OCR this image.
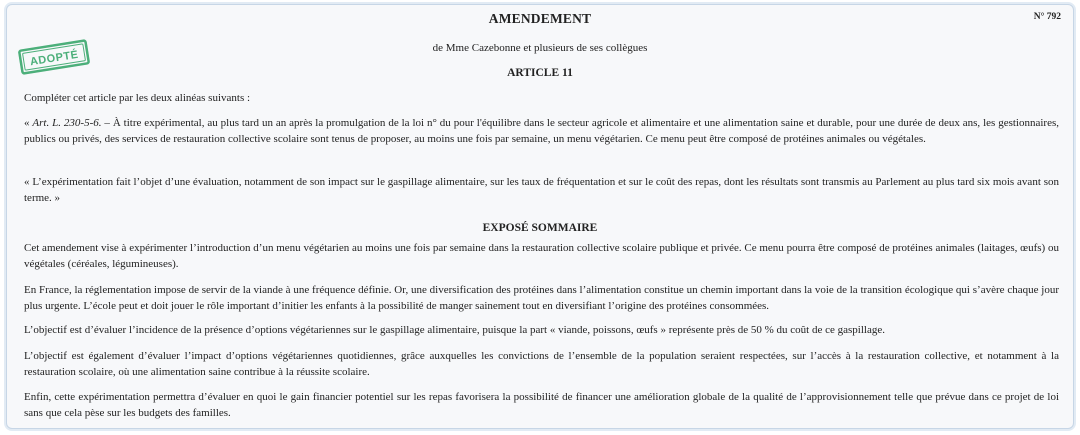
AMENDEMENT	N° 792
ADOPTÉ
de Mme Cazebonne et plusieurs de ses collègues
ARTICLE 11

Compléter cet article par les deux alinéas suivants :

« Art. L. 230-5-6. – À titre expérimental, au plus tard un an après la promulgation de la loi n° du pour l'équilibre dans le secteur agricole et alimentaire et une alimentation saine et durable, pour une durée de deux ans, les gestionnaires, publics ou privés, des services de restauration collective scolaire sont tenus de proposer, au moins une fois par semaine, un menu végétarien. Ce menu peut être composé de protéines animales ou végétales.

« L’expérimentation fait l’objet d’une évaluation, notamment de son impact sur le gaspillage alimentaire, sur les taux de fréquentation et sur le coût des repas, dont les résultats sont transmis au Parlement au plus tard six mois avant son terme. »

EXPOSÉ SOMMAIRE

Cet amendement vise à expérimenter l’introduction d’un menu végétarien au moins une fois par semaine dans la restauration collective scolaire publique et privée. Ce menu pourra être composé de protéines animales (laitages, œufs) ou végétales (céréales, légumineuses).

En France, la réglementation impose de servir de la viande à une fréquence définie. Or, une diversification des protéines dans l’alimentation constitue un chemin important dans la voie de la transition écologique qui s’avère chaque jour plus urgente. L’école peut et doit jouer le rôle important d’initier les enfants à la possibilité de manger sainement tout en diversifiant l’origine des protéines consommées.

L’objectif est d’évaluer l’incidence de la présence d’options végétariennes sur le gaspillage alimentaire, puisque la part « viande, poissons, œufs » représente près de 50 % du coût de ce gaspillage.

L’objectif est également d’évaluer l’impact d’options végétariennes quotidiennes, grâce auxquelles les convictions de l’ensemble de la population seraient respectées, sur l’accès à la restauration collective, et notamment à la restauration scolaire, où une alimentation saine contribue à la réussite scolaire.

Enfin, cette expérimentation permettra d’évaluer en quoi le gain financier potentiel sur les repas favorisera la possibilité de financer une amélioration globale de la qualité de l’approvisionnement telle que prévue dans ce projet de loi sans que cela pèse sur les budgets des familles.
